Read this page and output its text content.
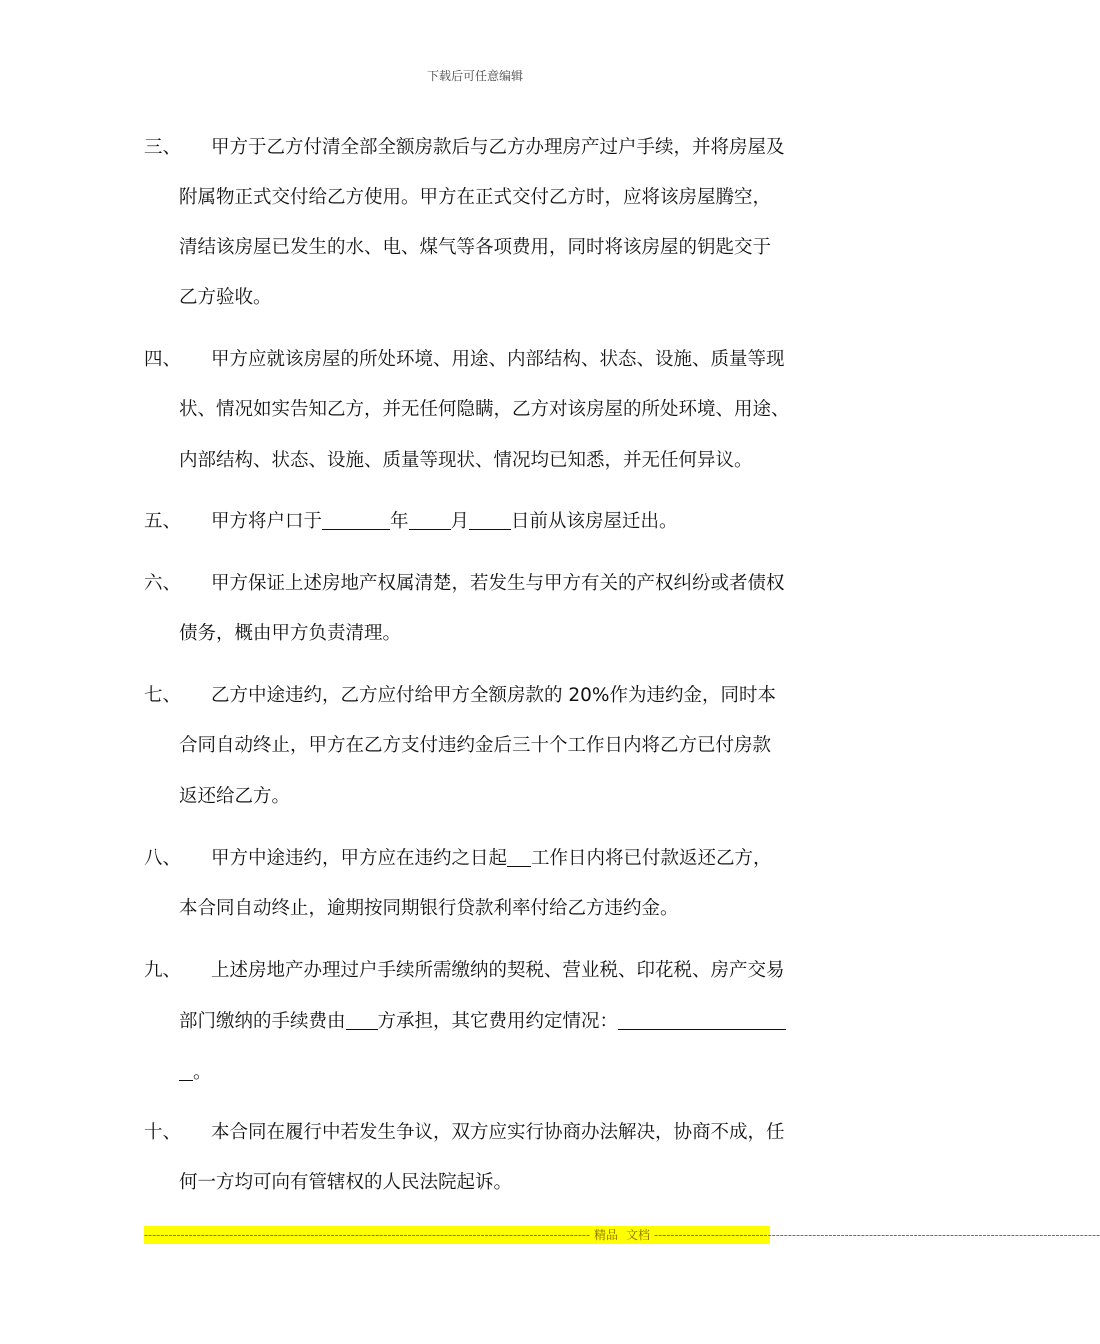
下载后可任意编辑
三、 甲方于乙方付清全部全额房款后与乙方办理房产过户手续，并将房屋及
附属物正式交付给乙方使用。甲方在正式交付乙方时，应将该房屋腾空，
清结该房屋已发生的水、电、煤气等各项费用，同时将该房屋的钥匙交于
乙方验收。
四、 甲方应就该房屋的所处环境、用途、内部结构、状态、设施、质量等现
状、情况如实告知乙方，并无任何隐瞒，乙方对该房屋的所处环境、用途、
内部结构、状态、设施、质量等现状、情况均已知悉，并无任何异议。
五、 甲方将户口于	年 月 日前从该房屋迁出。
六、 甲方保证上述房地产权属清楚，若发生与甲方有关的产权纠纷或者债权
债务，概由甲方负责清理。
七、 乙方中途违约，乙方应付给甲方全额房款的 20%作为违约金，同时本
合同自动终止，甲方在乙方支付违约金后三十个工作日内将乙方已付房款
返还给乙方。
八、 甲方中途违约，甲方应在违约之日起 工作日内将已付款返还乙方，
本合同自动终止，逾期按同期银行贷款利率付给乙方违约金。
九、 上述房地产办理过户手续所需缴纳的契税、营业税、印花税、房产交易
部门缴纳的手续费由 方承担，其它费用约定情况：
。
十、 本合同在履行中若发生争议，双方应实行协商办法解决，协商不成，任
何一方均可向有管辖权的人民法院起诉。
-------------------------------------------------------------------------------------------------------------- 精品 文档 --------------------------------------------------------------------------------------------------------------
